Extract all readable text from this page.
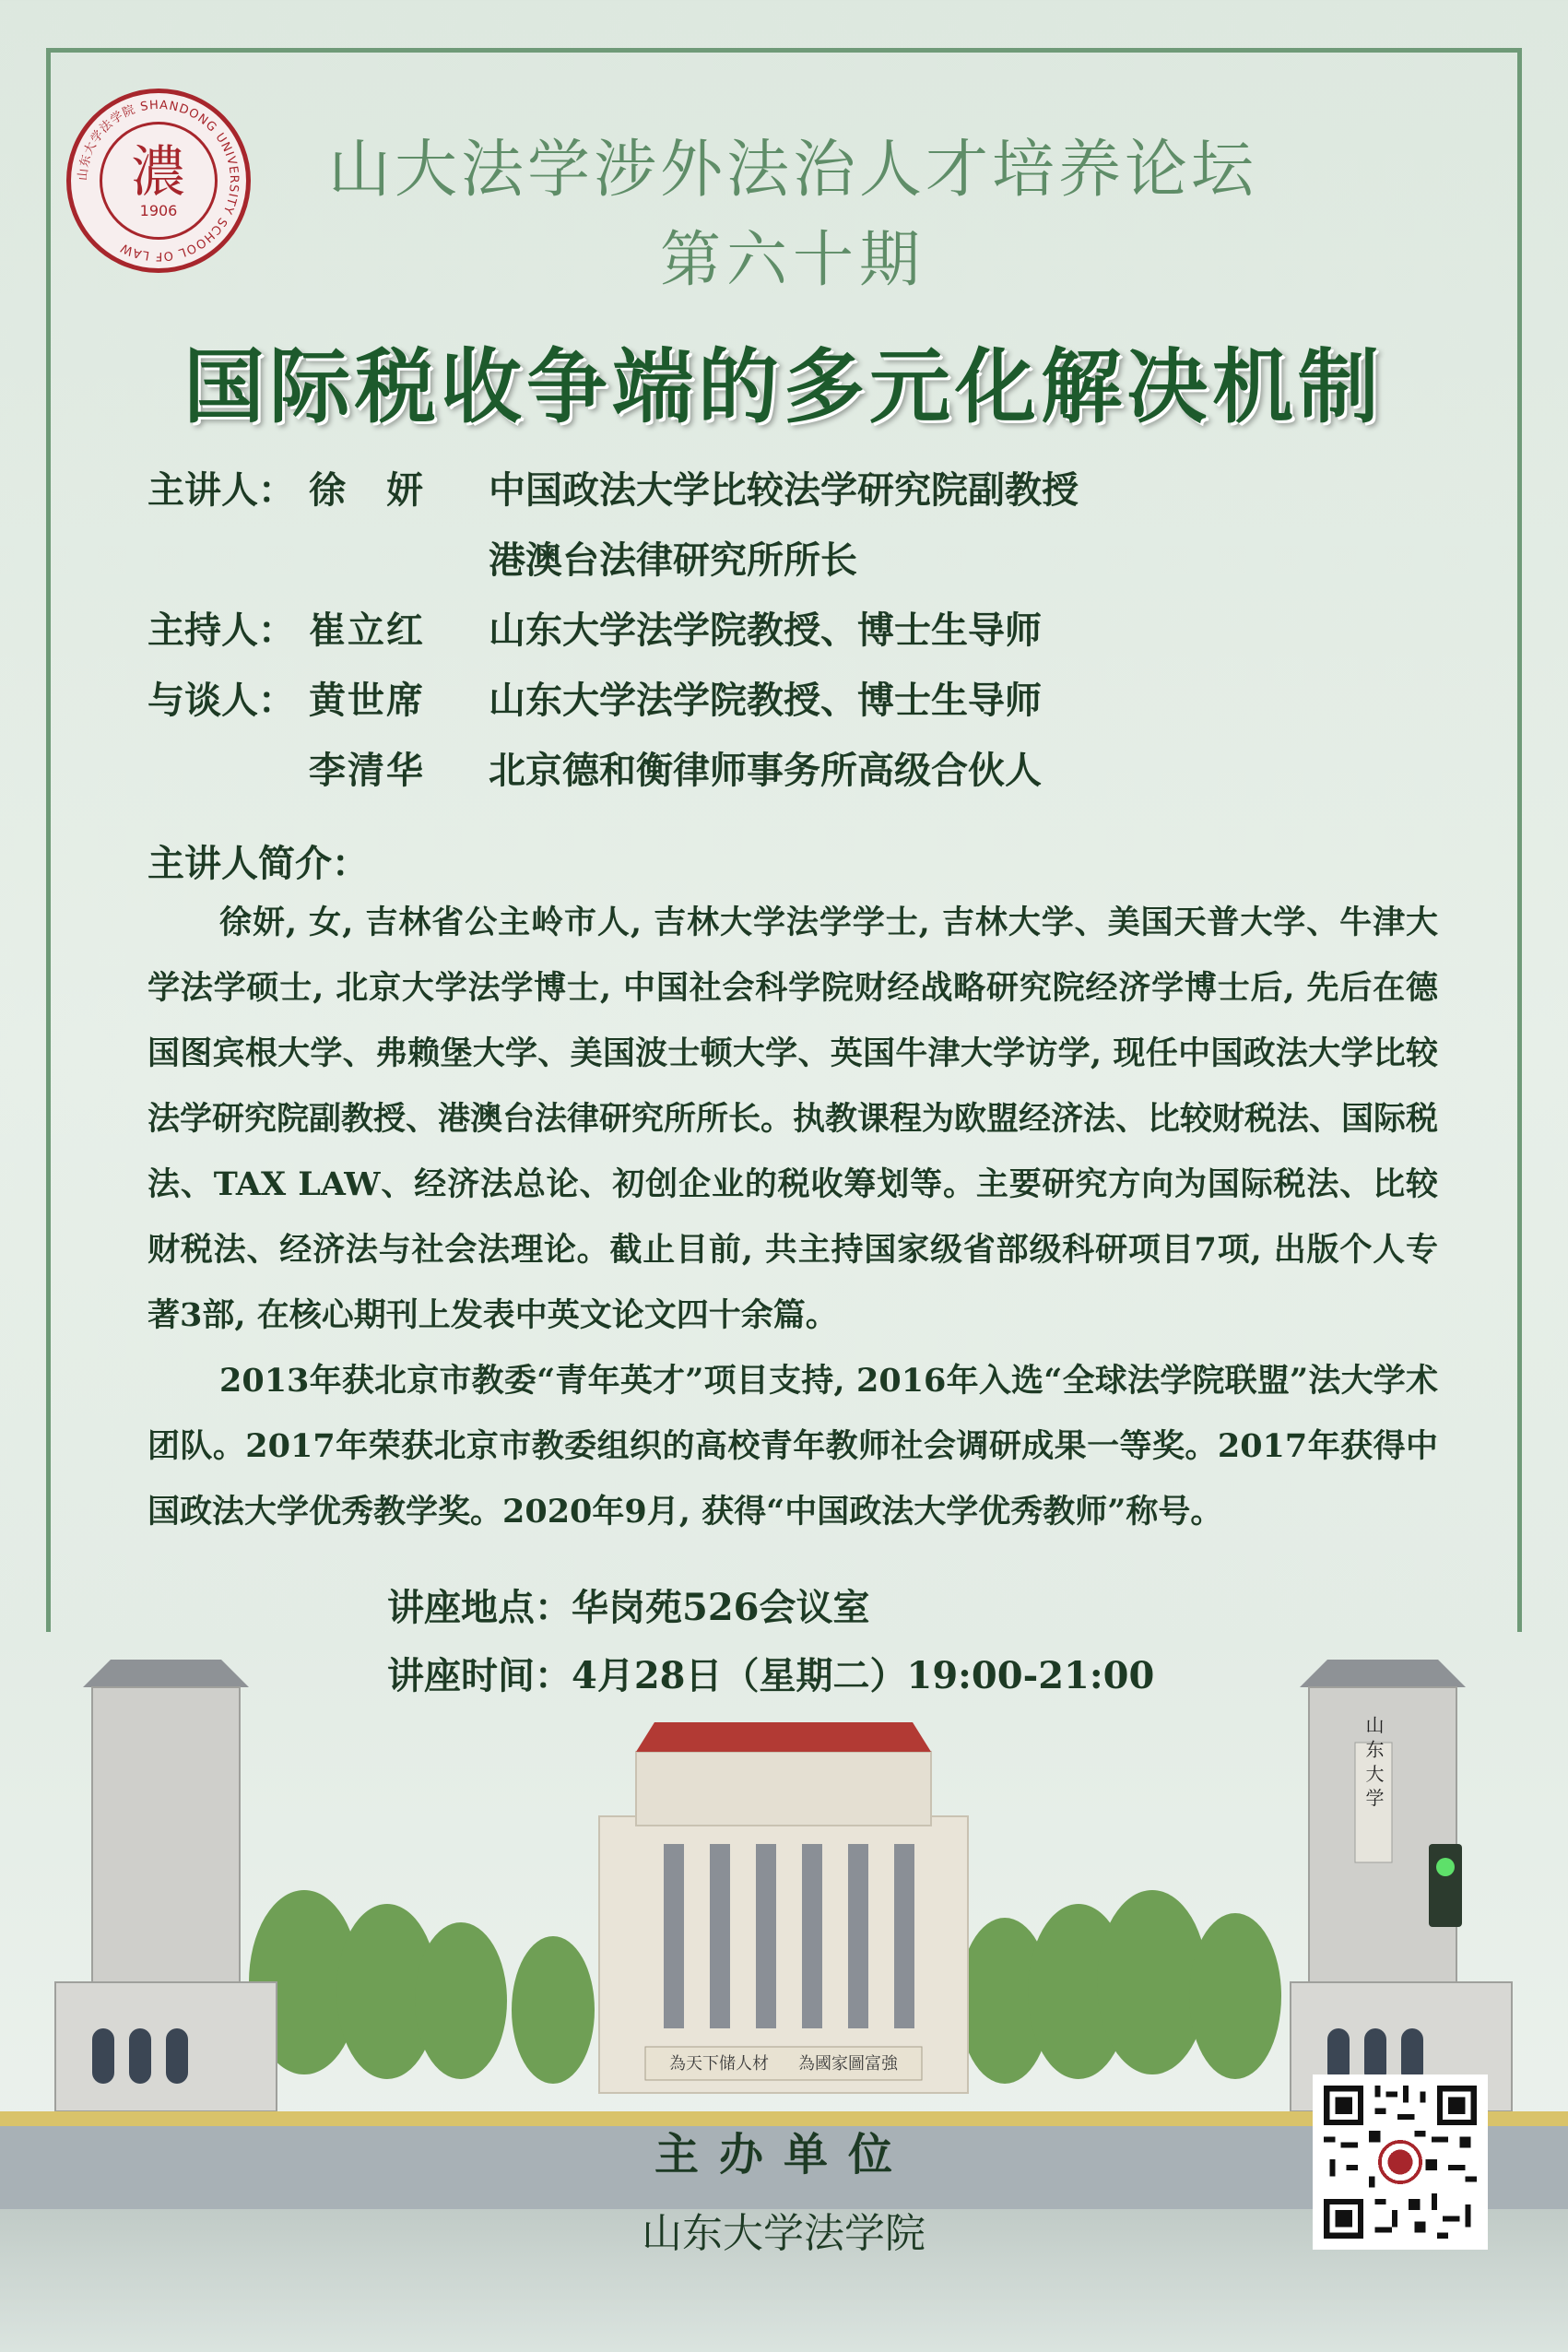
山东大学法学院 SHANDONG UNIVERSITY SCHOOL OF LAW
濃
1906
山大法学涉外法治人才培养论坛
第六十期
国际税收争端的多元化解决机制
主讲人： 徐　妍 中国政法大学比较法学研究院副教授
港澳台法律研究所所长
主持人： 崔立红 山东大学法学院教授、博士生导师
与谈人： 黄世席 山东大学法学院教授、博士生导师
李清华 北京德和衡律师事务所高级合伙人
主讲人简介：

徐妍, 女, 吉林省公主岭市人, 吉林大学法学学士, 吉林大学、美国天普大学、牛津大学法学硕士, 北京大学法学博士, 中国社会科学院财经战略研究院经济学博士后, 先后在德国图宾根大学、弗赖堡大学、美国波士顿大学、英国牛津大学访学, 现任中国政法大学比较法学研究院副教授、港澳台法律研究所所长。执教课程为欧盟经济法、比较财税法、国际税法、TAX LAW、经济法总论、初创企业的税收筹划等。主要研究方向为国际税法、比较财税法、经济法与社会法理论。截止目前, 共主持国家级省部级科研项目7项, 出版个人专著3部, 在核心期刊上发表中英文论文四十余篇。

2013年获北京市教委“青年英才”项目支持, 2016年入选“全球法学院联盟”法大学术团队。2017年荣获北京市教委组织的高校青年教师社会调研成果一等奖。2017年获得中国政法大学优秀教学奖。2020年9月, 获得“中国政法大学优秀教师”称号。

為天下储人材 為國家圖富強
山 东 大 学
讲座地点：华岗苑526会议室
讲座时间：4月28日（星期二）19:00-21:00
主办单位
山东大学法学院
